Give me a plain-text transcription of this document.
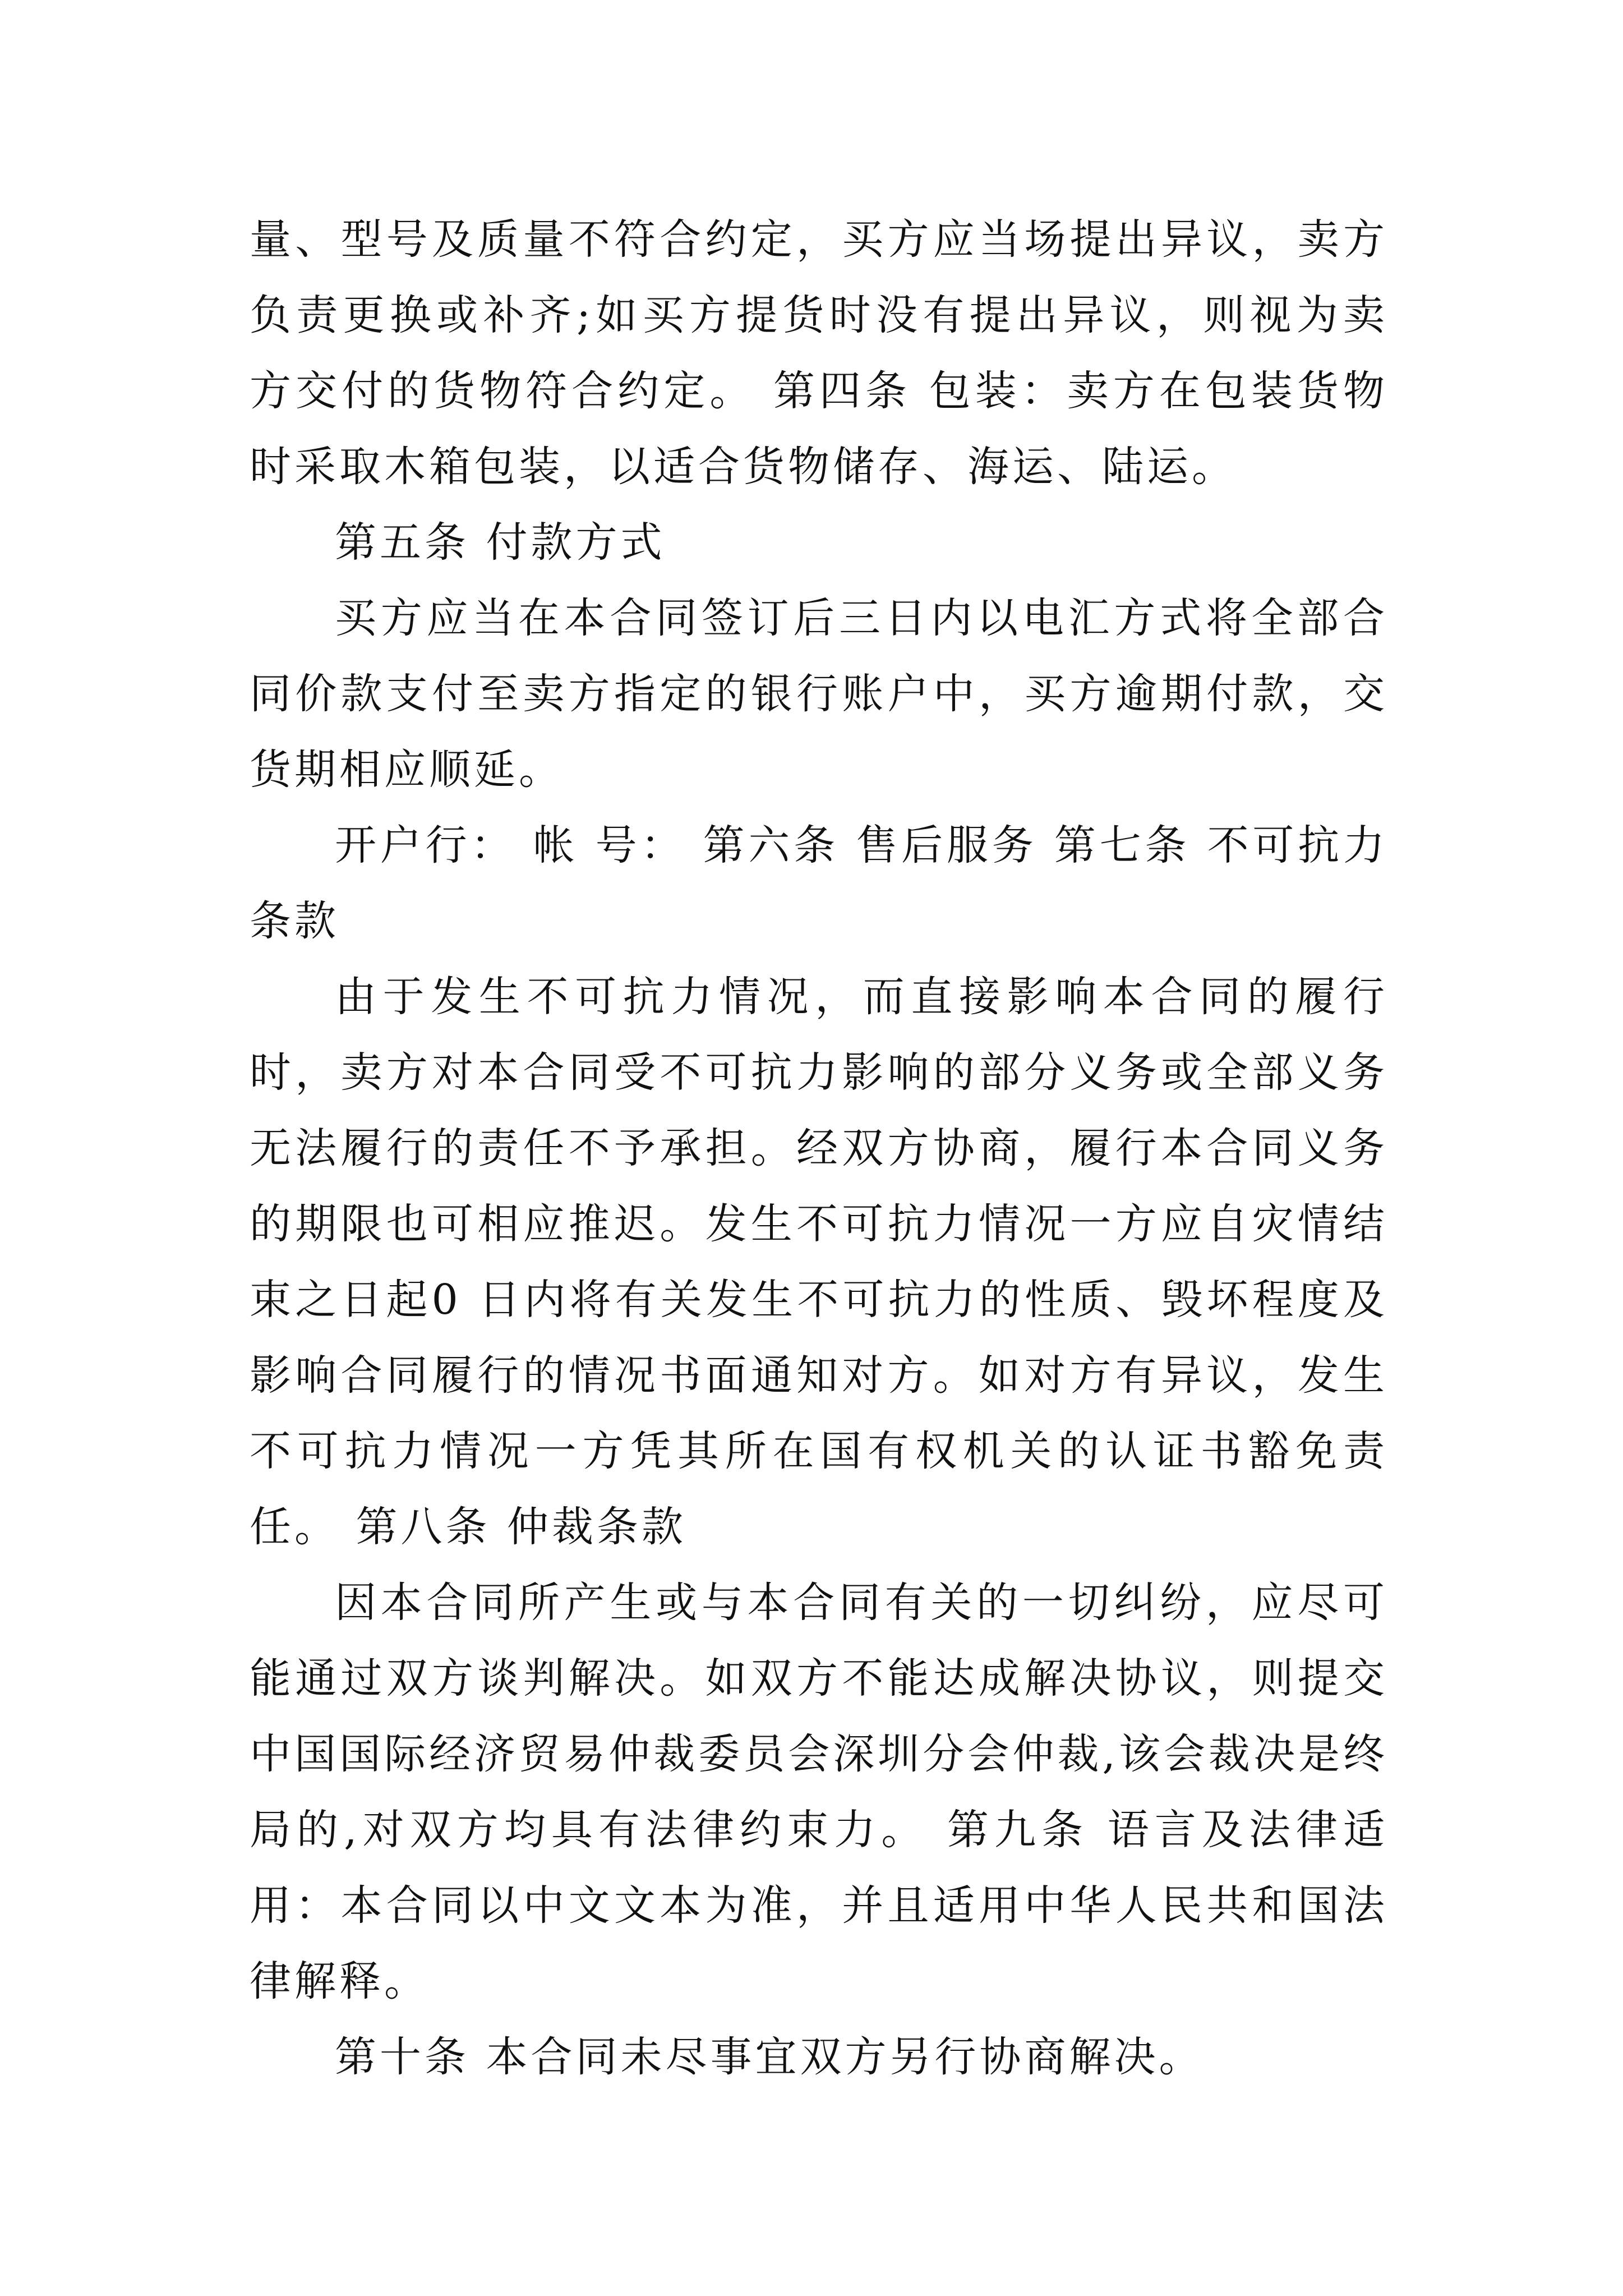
量、型号及质量不符合约定，买方应当场提出异议，卖方负责更换或补齐;如买方提货时没有提出异议，则视为卖方交付的货物符合约定。 第四条 包装：卖方在包装货物时采取木箱包装，以适合货物储存、海运、陆运。

第五条 付款方式

买方应当在本合同签订后三日内以电汇方式将全部合同价款支付至卖方指定的银行账户中，买方逾期付款，交货期相应顺延。

开户行： 帐 号： 第六条 售后服务 第七条 不可抗力条款

由于发生不可抗力情况，而直接影响本合同的履行时，卖方对本合同受不可抗力影响的部分义务或全部义务无法履行的责任不予承担。经双方协商，履行本合同义务的期限也可相应推迟。发生不可抗力情况一方应自灾情结束之日起0 日内将有关发生不可抗力的性质、毁坏程度及影响合同履行的情况书面通知对方。如对方有异议，发生不可抗力情况一方凭其所在国有权机关的认证书豁免责任。 第八条 仲裁条款

因本合同所产生或与本合同有关的一切纠纷，应尽可能通过双方谈判解决。如双方不能达成解决协议，则提交中国国际经济贸易仲裁委员会深圳分会仲裁,该会裁决是终局的,对双方均具有法律约束力。 第九条 语言及法律适用：本合同以中文文本为准，并且适用中华人民共和国法律解释。

第十条 本合同未尽事宜双方另行协商解决。
